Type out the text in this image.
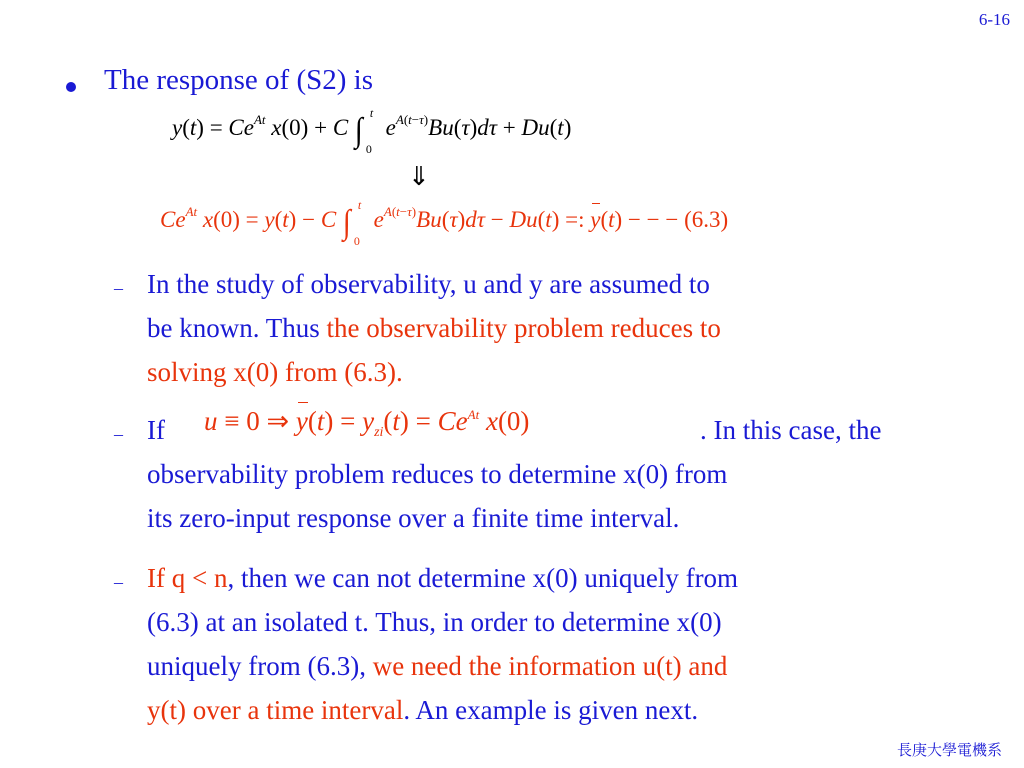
6-16
長庚大學電機系
The response of (S2) is
$y(t) = Ce^{At}$ x(0) + C ∫ t
0
$e^{A(t-\tau)}Bu(\tau)d\tau + Du(t)$
⇓
$Ce^{At}$ x(0) = y(t) − C ∫ t
0
$e^{A(t-\tau)}Bu(\tau)d\tau - Du(t)$ =: y(t) − − − (6.3)
– In the study of observability, u and y are assumed to
be known. Thus the observability problem reduces to
solving x(0) from (6.3).
– If
observability problem reduces to determine x(0) from
its zero-input response over a finite time interval.
u ≡ 0 ⇒ $y(t) = y_{zi}(t) = Ce^{At}$ x(0)	. In this case, the
– If q < n, then we can not determine x(0) uniquely from
(6.3) at an isolated t. Thus, in order to determine x(0)
uniquely from (6.3), we need the information u(t) and
y(t) over a time interval. An example is given next.
